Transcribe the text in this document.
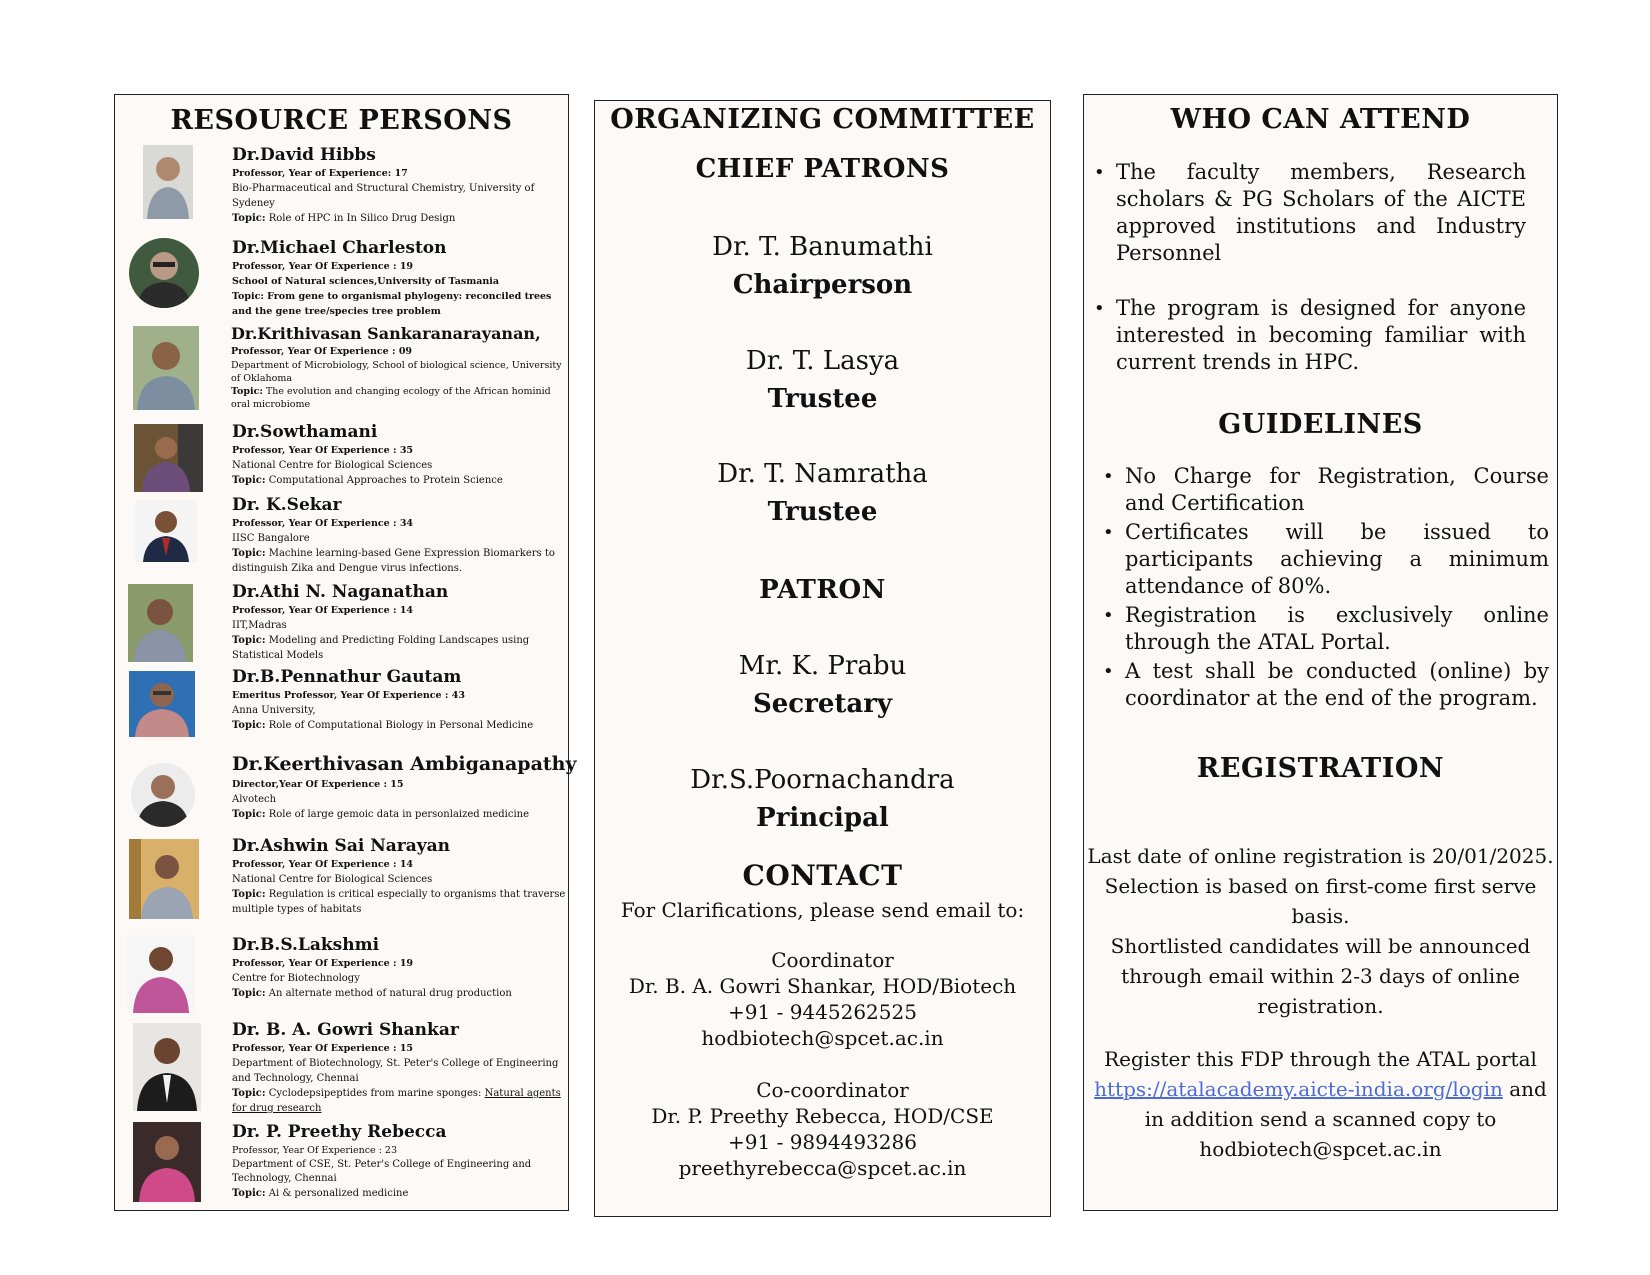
RESOURCE PERSONS
Dr.David Hibbs
Professor, Year of Experience: 17
Bio-Pharmaceutical and Structural Chemistry, University of Sydeney
Topic: Role of HPC in In Silico Drug Design
Dr.Michael Charleston
Professor, Year Of Experience : 19
School of Natural sciences,University of Tasmania
Topic: From gene to organismal phylogeny: reconciled trees and the gene tree/species tree problem
Dr.Krithivasan Sankaranarayanan,
Professor, Year Of Experience : 09
Department of Microbiology, School of biological science, University of Oklahoma
Topic: The evolution and changing ecology of the African hominid oral microbiome
Dr.Sowthamani
Professor, Year Of Experience : 35
National Centre for Biological Sciences
Topic: Computational Approaches to Protein Science
Dr. K.Sekar
Professor, Year Of Experience : 34
IISC Bangalore
Topic: Machine learning-based Gene Expression Biomarkers to distinguish Zika and Dengue virus infections.
Dr.Athi N. Naganathan
Professor, Year Of Experience : 14
IIT,Madras
Topic: Modeling and Predicting Folding Landscapes using Statistical Models
Dr.B.Pennathur Gautam
Emeritus Professor, Year Of Experience : 43
Anna University,
Topic: Role of Computational Biology in Personal Medicine
Dr.Keerthivasan Ambiganapathy
Director,Year Of Experience : 15
Alvotech
Topic: Role of large gemoic data in personlaized medicine
Dr.Ashwin Sai Narayan
Professor, Year Of Experience : 14
National Centre for Biological Sciences
Topic: Regulation is critical especially to organisms that traverse multiple types of habitats
Dr.B.S.Lakshmi
Professor, Year Of Experience : 19
Centre for Biotechnology
Topic: An alternate method of natural drug production
Dr. B. A. Gowri Shankar
Professor, Year Of Experience : 15
Department of Biotechnology, St. Peter's College of Engineering and Technology, Chennai
Topic: Cyclodepsipeptides from marine sponges: Natural agents for drug research
Dr. P. Preethy Rebecca
Professor, Year Of Experience : 23
Department of CSE, St. Peter's College of Engineering and Technology, Chennai
Topic: Ai & personalized medicine
ORGANIZING COMMITTEE
CHIEF PATRONS
Dr. T. Banumathi
Chairperson
Dr. T. Lasya
Trustee
Dr. T. Namratha
Trustee
PATRON
Mr. K. Prabu
Secretary
Dr.S.Poornachandra
Principal
CONTACT
For Clarifications, please send email to:
Coordinator
Dr. B. A. Gowri Shankar, HOD/Biotech
+91 - 9445262525
hodbiotech@spcet.ac.in
Co-coordinator
Dr. P. Preethy Rebecca, HOD/CSE
+91 - 9894493286
preethyrebecca@spcet.ac.in
WHO CAN ATTEND
• The faculty members, Research scholars & PG Scholars of the AICTE approved institutions and Industry Personnel
• The program is designed for anyone interested in becoming familiar with current trends in HPC.
GUIDELINES
• No Charge for Registration, Course and Certification
• Certificates will be issued to participants achieving a minimum attendance of 80%.
• Registration is exclusively online through the ATAL Portal.
• A test shall be conducted (online) by coordinator at the end of the program.
REGISTRATION
Last date of online registration is 20/01/2025.
Selection is based on first-come first serve basis.
Shortlisted candidates will be announced
through email within 2-3 days of online
registration.
Register this FDP through the ATAL portal
https://atalacademy.aicte-india.org/login and
in addition send a scanned copy to
hodbiotech@spcet.ac.in
